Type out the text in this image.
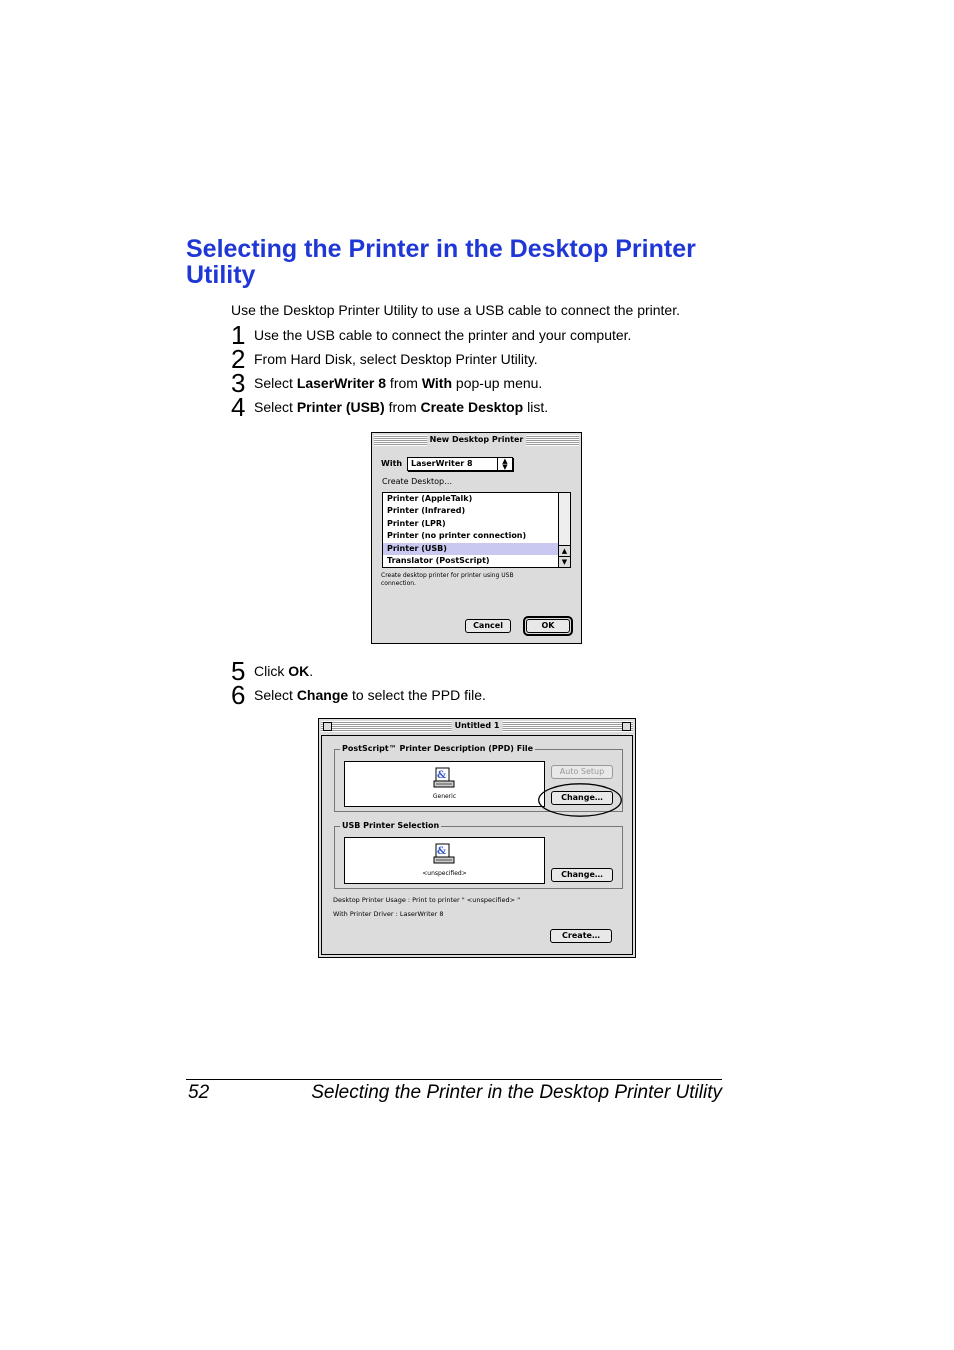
Selecting the Printer in the Desktop Printer Utility
Use the Desktop Printer Utility to use a USB cable to connect the printer.
1 Use the USB cable to connect the printer and your computer.
2 From Hard Disk, select Desktop Printer Utility.
3 Select LaserWriter 8 from With pop-up menu.
4 Select Printer (USB) from Create Desktop list.
New Desktop Printer
With	LaserWriter 8	▲
▼
Create Desktop…
Printer (AppleTalk)
Printer (Infrared)
Printer (LPR)
Printer (no printer connection)
Printer (USB)
Translator (PostScript)
▲
▼
Create desktop printer for printer using USB
connection.
Cancel	OK
5 Click OK.
6 Select Change to select the PPD file.
Untitled 1
PostScript™ Printer Description (PPD) File
&
Generic
Auto Setup
Change…
USB Printer Selection
&
<unspecified>	Change…
Desktop Printer Usage : Print to printer " <unspecified> "
With Printer Driver : LaserWriter 8
Create…
52	Selecting the Printer in the Desktop Printer Utility
